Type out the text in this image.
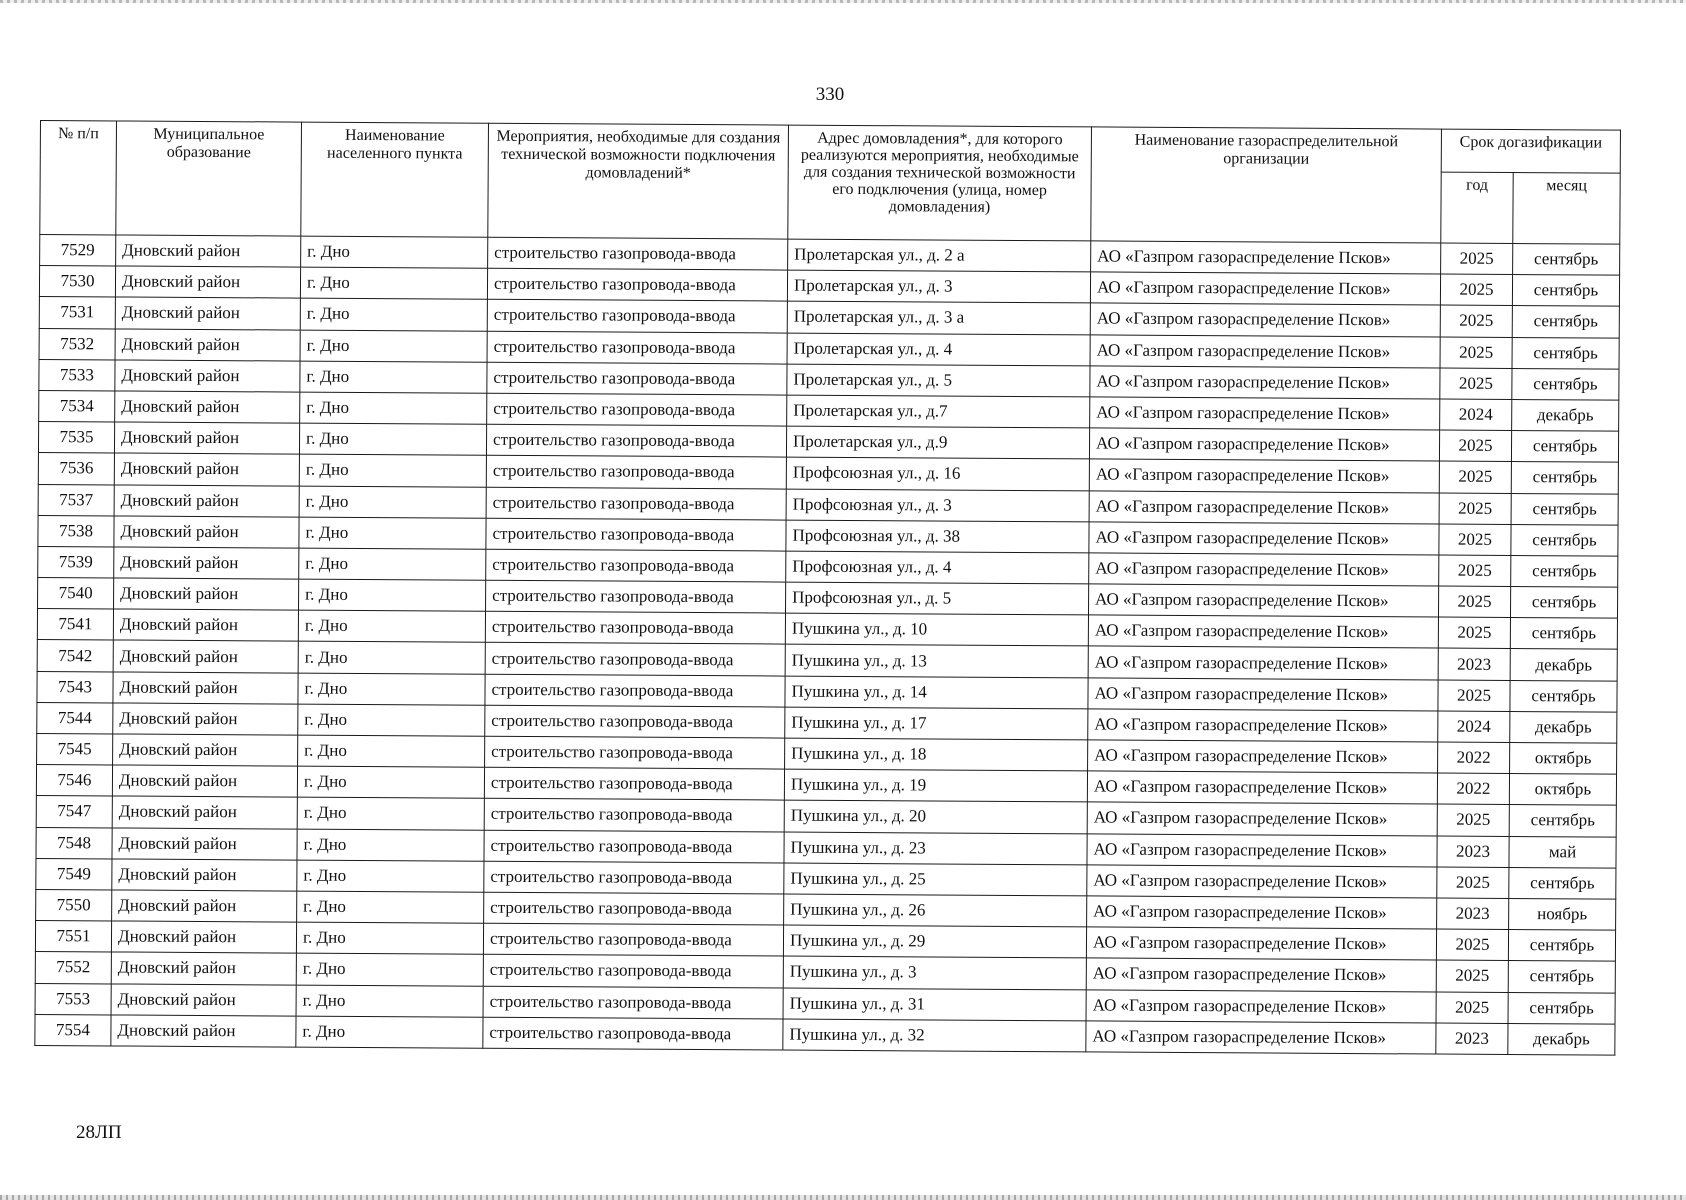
330
№ п/п	Муниципальное образование	Наименование населенного пункта	Мероприятия, необходимые для создания технической возможности подключения домовладений*	Адрес домовладения*, для которого реализуются мероприятия, необходимые для создания технической возможности его подключения (улица, номер домовладения)	Наименование газораспределительной организации	Срок догазификации	
						год	месяц
7529	Дновский район	г. Дно	строительство газопровода-ввода	Пролетарская ул., д. 2 а	АО «Газпром газораспределение Псков»	2025	сентябрь
7530	Дновский район	г. Дно	строительство газопровода-ввода	Пролетарская ул., д. 3	АО «Газпром газораспределение Псков»	2025	сентябрь
7531	Дновский район	г. Дно	строительство газопровода-ввода	Пролетарская ул., д. 3 а	АО «Газпром газораспределение Псков»	2025	сентябрь
7532	Дновский район	г. Дно	строительство газопровода-ввода	Пролетарская ул., д. 4	АО «Газпром газораспределение Псков»	2025	сентябрь
7533	Дновский район	г. Дно	строительство газопровода-ввода	Пролетарская ул., д. 5	АО «Газпром газораспределение Псков»	2025	сентябрь
7534	Дновский район	г. Дно	строительство газопровода-ввода	Пролетарская ул., д.7	АО «Газпром газораспределение Псков»	2024	декабрь
7535	Дновский район	г. Дно	строительство газопровода-ввода	Пролетарская ул., д.9	АО «Газпром газораспределение Псков»	2025	сентябрь
7536	Дновский район	г. Дно	строительство газопровода-ввода	Профсоюзная ул., д. 16	АО «Газпром газораспределение Псков»	2025	сентябрь
7537	Дновский район	г. Дно	строительство газопровода-ввода	Профсоюзная ул., д. 3	АО «Газпром газораспределение Псков»	2025	сентябрь
7538	Дновский район	г. Дно	строительство газопровода-ввода	Профсоюзная ул., д. 38	АО «Газпром газораспределение Псков»	2025	сентябрь
7539	Дновский район	г. Дно	строительство газопровода-ввода	Профсоюзная ул., д. 4	АО «Газпром газораспределение Псков»	2025	сентябрь
7540	Дновский район	г. Дно	строительство газопровода-ввода	Профсоюзная ул., д. 5	АО «Газпром газораспределение Псков»	2025	сентябрь
7541	Дновский район	г. Дно	строительство газопровода-ввода	Пушкина ул., д. 10	АО «Газпром газораспределение Псков»	2025	сентябрь
7542	Дновский район	г. Дно	строительство газопровода-ввода	Пушкина ул., д. 13	АО «Газпром газораспределение Псков»	2023	декабрь
7543	Дновский район	г. Дно	строительство газопровода-ввода	Пушкина ул., д. 14	АО «Газпром газораспределение Псков»	2025	сентябрь
7544	Дновский район	г. Дно	строительство газопровода-ввода	Пушкина ул., д. 17	АО «Газпром газораспределение Псков»	2024	декабрь
7545	Дновский район	г. Дно	строительство газопровода-ввода	Пушкина ул., д. 18	АО «Газпром газораспределение Псков»	2022	октябрь
7546	Дновский район	г. Дно	строительство газопровода-ввода	Пушкина ул., д. 19	АО «Газпром газораспределение Псков»	2022	октябрь
7547	Дновский район	г. Дно	строительство газопровода-ввода	Пушкина ул., д. 20	АО «Газпром газораспределение Псков»	2025	сентябрь
7548	Дновский район	г. Дно	строительство газопровода-ввода	Пушкина ул., д. 23	АО «Газпром газораспределение Псков»	2023	май
7549	Дновский район	г. Дно	строительство газопровода-ввода	Пушкина ул., д. 25	АО «Газпром газораспределение Псков»	2025	сентябрь
7550	Дновский район	г. Дно	строительство газопровода-ввода	Пушкина ул., д. 26	АО «Газпром газораспределение Псков»	2023	ноябрь
7551	Дновский район	г. Дно	строительство газопровода-ввода	Пушкина ул., д. 29	АО «Газпром газораспределение Псков»	2025	сентябрь
7552	Дновский район	г. Дно	строительство газопровода-ввода	Пушкина ул., д. 3	АО «Газпром газораспределение Псков»	2025	сентябрь
7553	Дновский район	г. Дно	строительство газопровода-ввода	Пушкина ул., д. 31	АО «Газпром газораспределение Псков»	2025	сентябрь
7554	Дновский район	г. Дно	строительство газопровода-ввода	Пушкина ул., д. 32	АО «Газпром газораспределение Псков»	2023	декабрь
28ЛП
